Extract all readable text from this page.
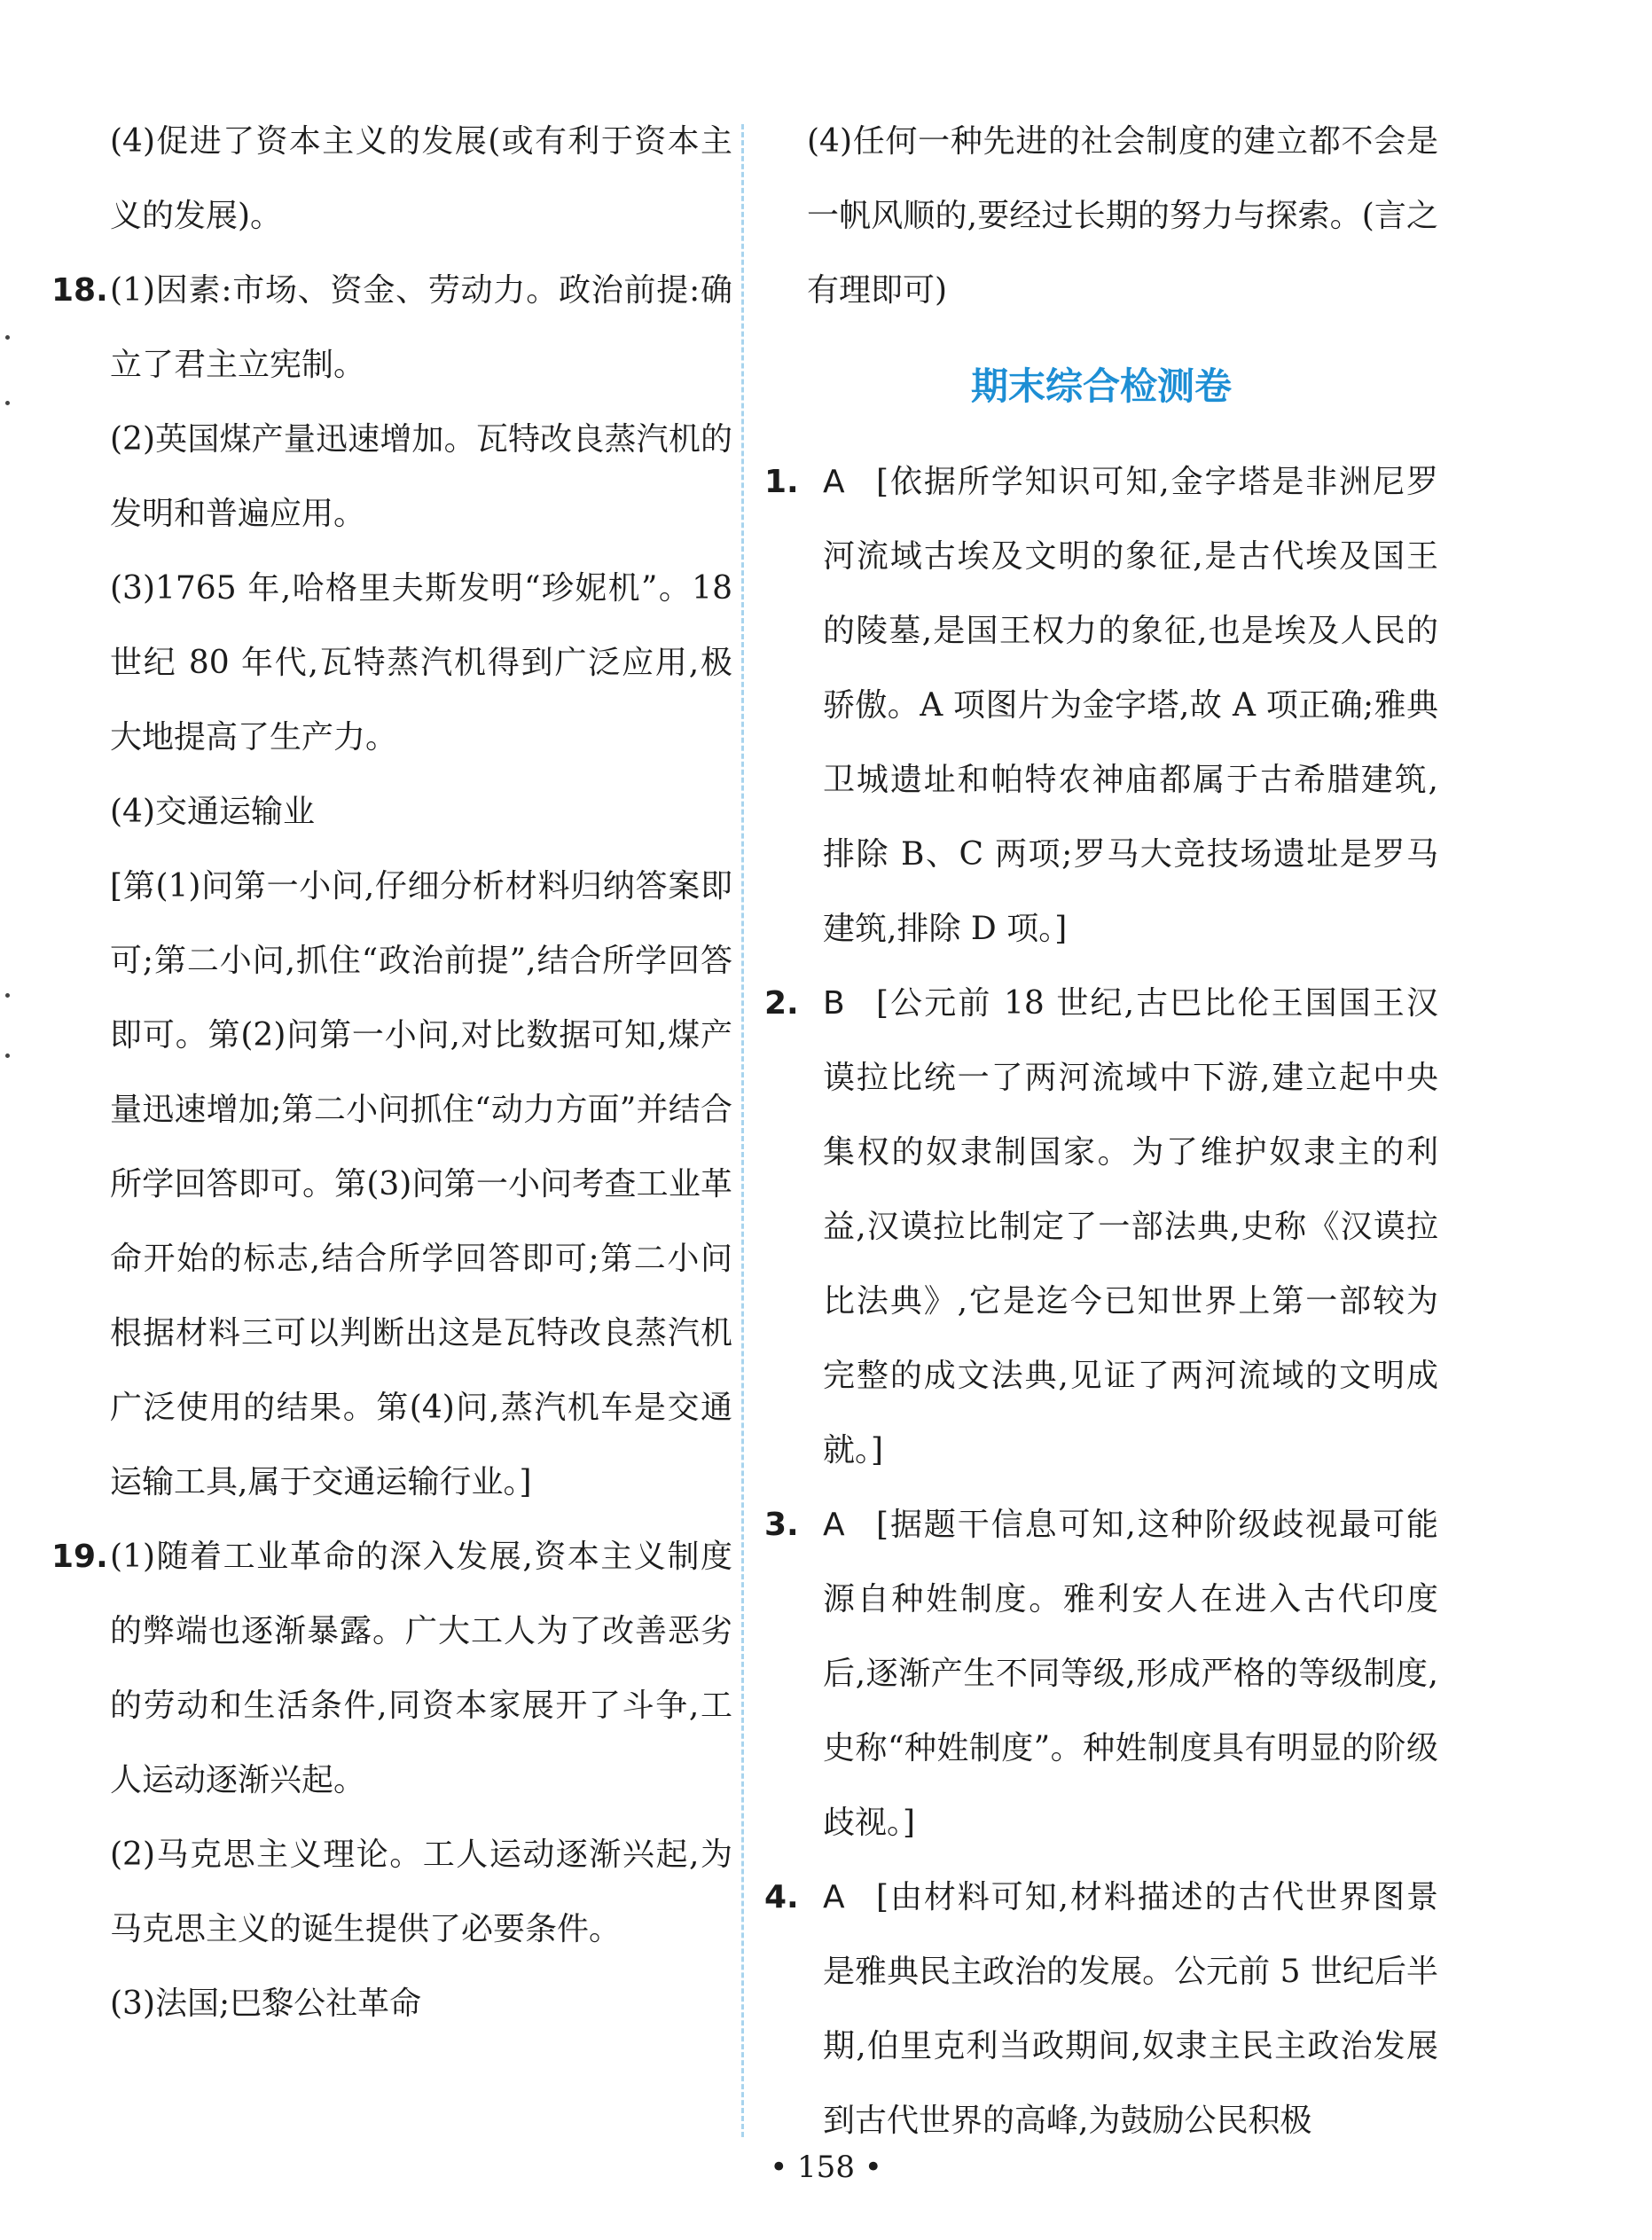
(4)促进了资本主义的发展(或有利于资本主义的发展)。

18. (1)因素:市场、资金、劳动力。政治前提:确立了君主立宪制。

(2)英国煤产量迅速增加。瓦特改良蒸汽机的发明和普遍应用。

(3)1765 年,哈格里夫斯发明“珍妮机”。18 世纪 80 年代,瓦特蒸汽机得到广泛应用,极大地提高了生产力。

(4)交通运输业

[第(1)问第一小问,仔细分析材料归纳答案即可;第二小问,抓住“政治前提”,结合所学回答即可。第(2)问第一小问,对比数据可知,煤产量迅速增加;第二小问抓住“动力方面”并结合所学回答即可。第(3)问第一小问考查工业革命开始的标志,结合所学回答即可;第二小问根据材料三可以判断出这是瓦特改良蒸汽机广泛使用的结果。第(4)问,蒸汽机车是交通运输工具,属于交通运输行业。]

19. (1)随着工业革命的深入发展,资本主义制度的弊端也逐渐暴露。广大工人为了改善恶劣的劳动和生活条件,同资本家展开了斗争,工人运动逐渐兴起。

(2)马克思主义理论。工人运动逐渐兴起,为马克思主义的诞生提供了必要条件。

(3)法国;巴黎公社革命

(4)任何一种先进的社会制度的建立都不会是一帆风顺的,要经过长期的努力与探索。(言之有理即可)

期末综合检测卷
1. A [依据所学知识可知,金字塔是非洲尼罗河流域古埃及文明的象征,是古代埃及国王的陵墓,是国王权力的象征,也是埃及人民的骄傲。A 项图片为金字塔,故 A 项正确;雅典卫城遗址和帕特农神庙都属于古希腊建筑,排除 B、C 两项;罗马大竞技场遗址是罗马建筑,排除 D 项。]

2. B [公元前 18 世纪,古巴比伦王国国王汉谟拉比统一了两河流域中下游,建立起中央集权的奴隶制国家。为了维护奴隶主的利益,汉谟拉比制定了一部法典,史称《汉谟拉比法典》,它是迄今已知世界上第一部较为完整的成文法典,见证了两河流域的文明成就。]

3. A [据题干信息可知,这种阶级歧视最可能源自种姓制度。雅利安人在进入古代印度后,逐渐产生不同等级,形成严格的等级制度,史称“种姓制度”。种姓制度具有明显的阶级歧视。]

4. A [由材料可知,材料描述的古代世界图景是雅典民主政治的发展。公元前 5 世纪后半期,伯里克利当政期间,奴隶主民主政治发展到古代世界的高峰,为鼓励公民积极

• 158 •
